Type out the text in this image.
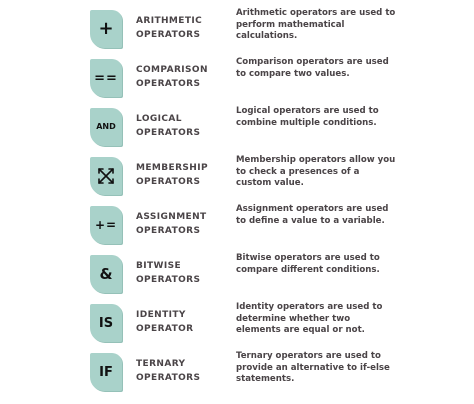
+	ARITHMETIC OPERATORS
Arithmetic operators are used to perform mathematical calculations.
==
COMPARISON OPERATORS
Comparison operators are used to compare two values.
AND
LOGICAL OPERATORS
Logical operators are used to combine multiple conditions.
MEMBERSHIP OPERATORS
Membership operators allow you to check a presences of a custom value.
+=
ASSIGNMENT OPERATORS
Assignment operators are used to define a value to a variable.
&	BITWISE OPERATORS
Bitwise operators are used to compare different conditions.
IS
IDENTITY OPERATOR
Identity operators are used to determine whether two elements are equal or not.
IF
TERNARY OPERATORS
Ternary operators are used to provide an alternative to if-else statements.
